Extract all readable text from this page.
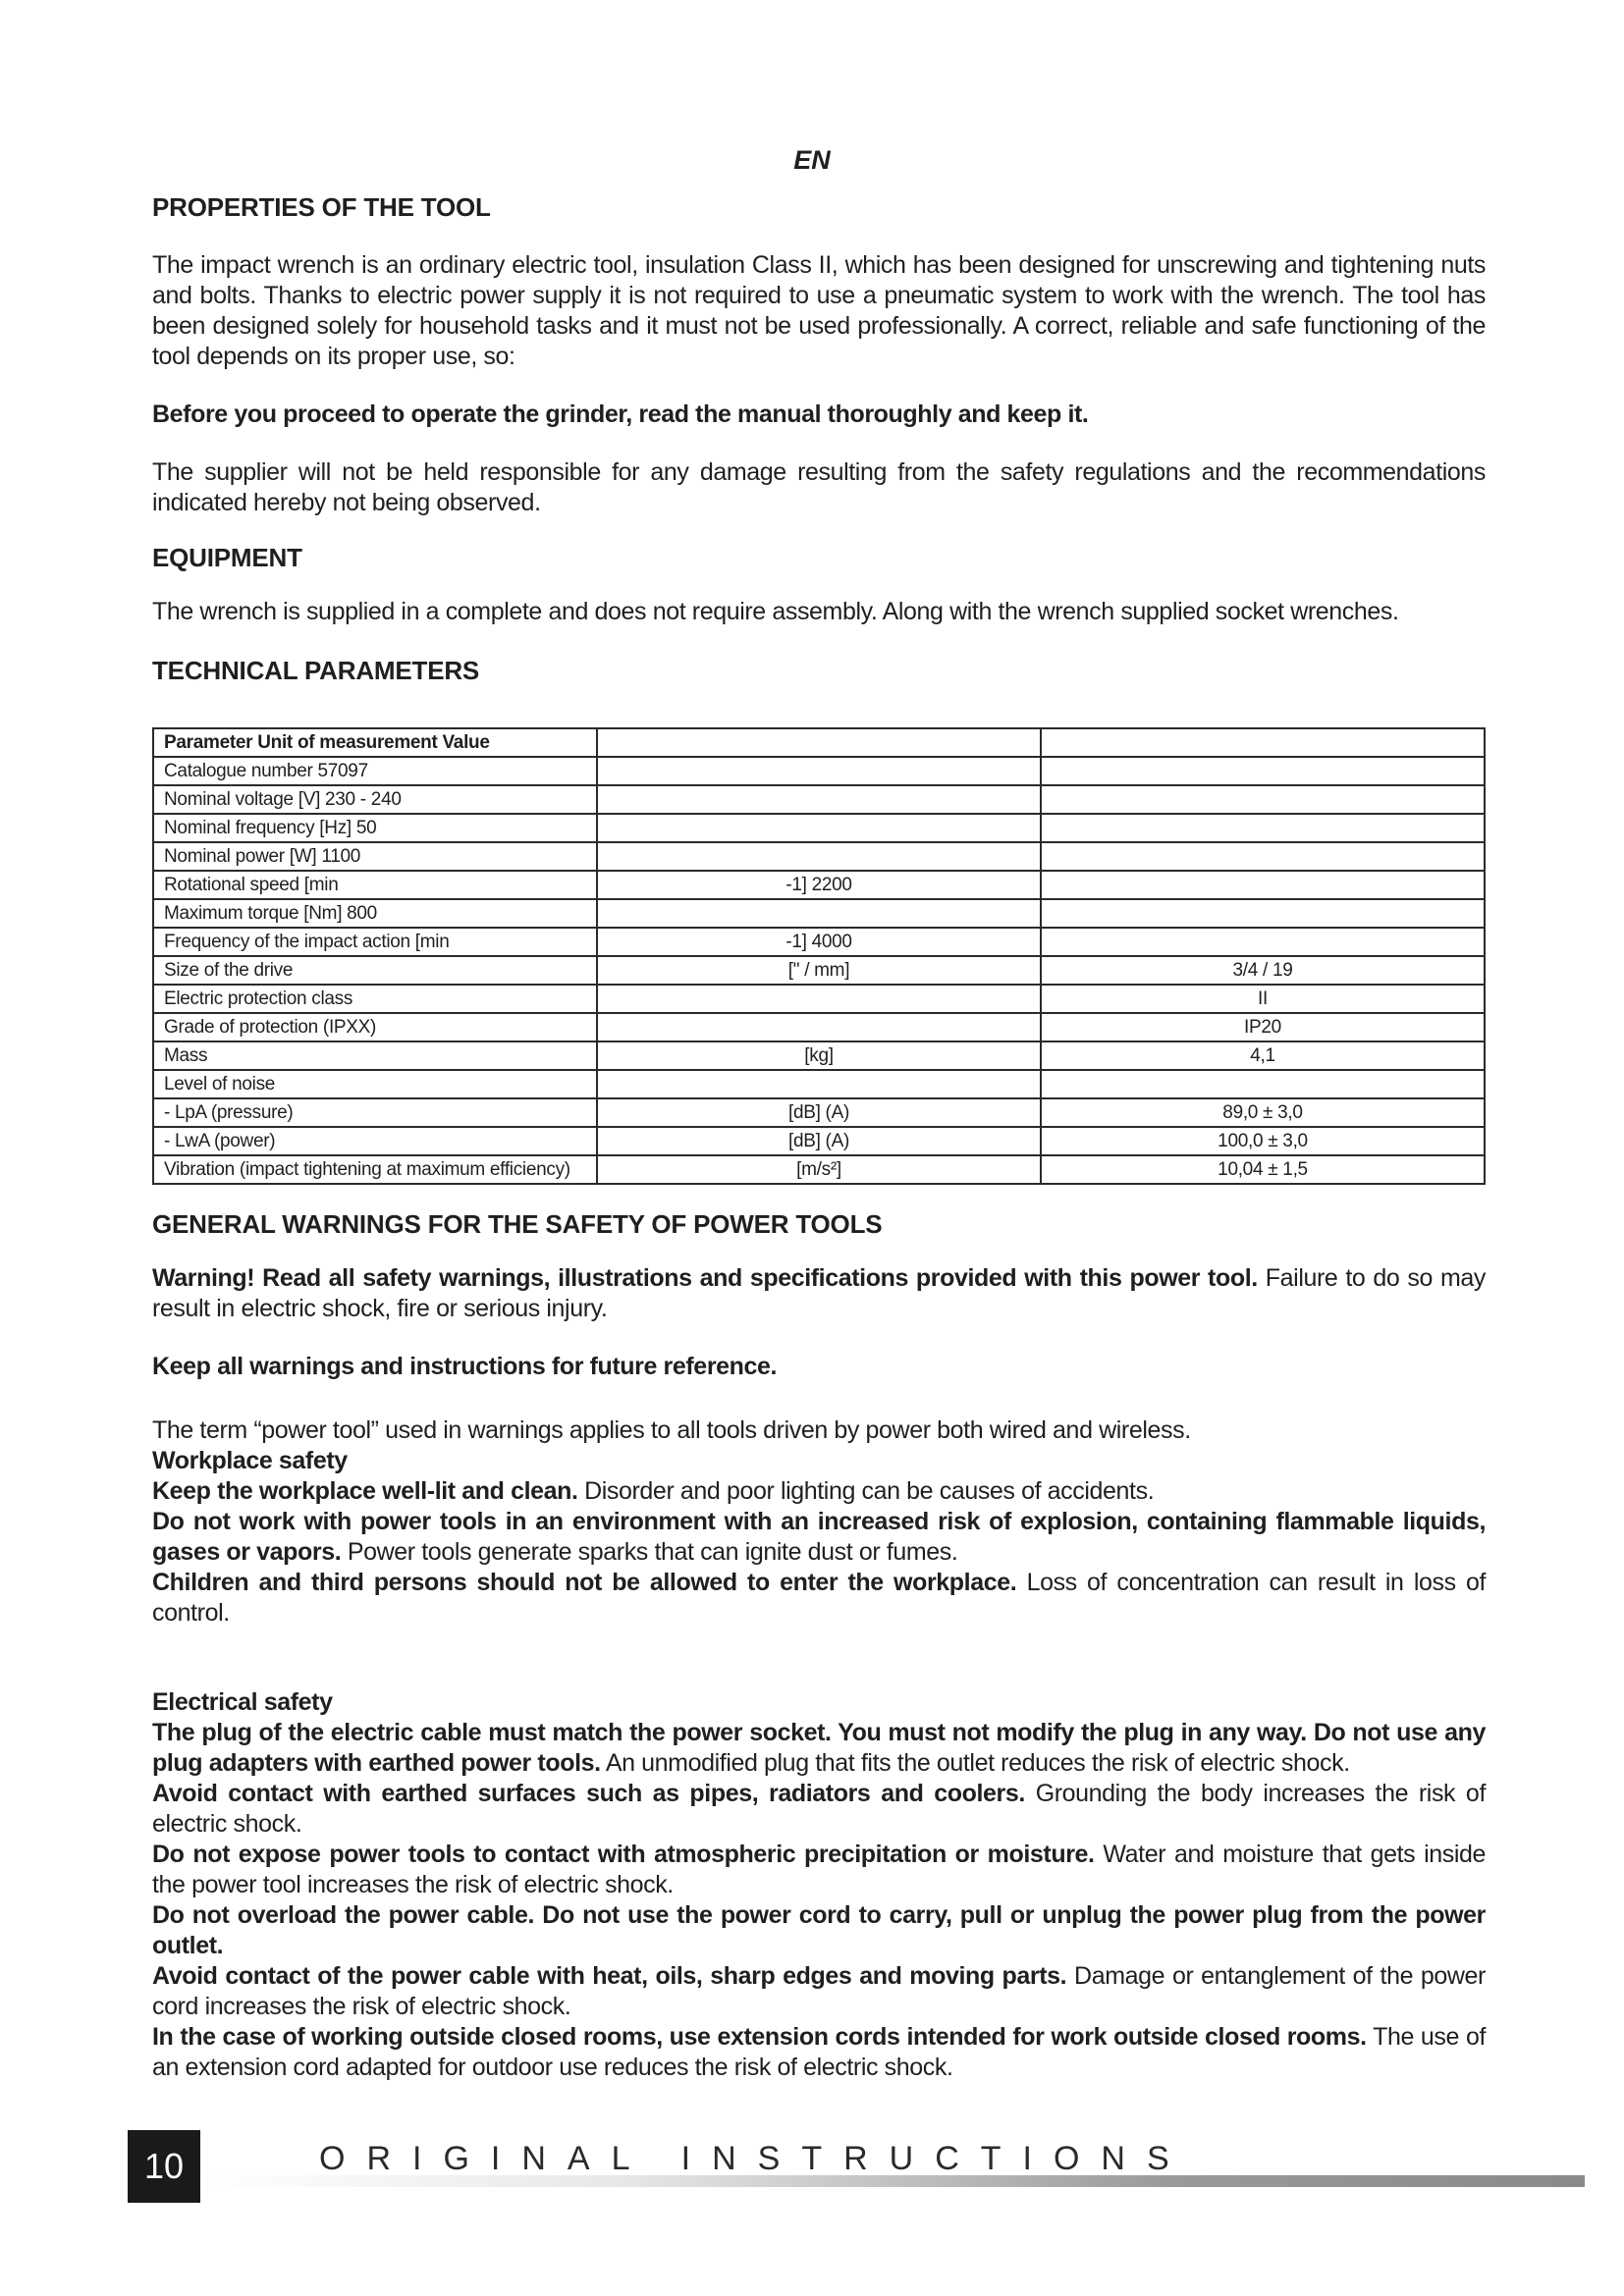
EN
PROPERTIES OF THE TOOL

The impact wrench is an ordinary electric tool, insulation Class II, which has been designed for unscrewing and tightening nuts and bolts. Thanks to electric power supply it is not required to use a pneumatic system to work with the wrench. The tool has been designed solely for household tasks and it must not be used professionally. A correct, reliable and safe functioning of the tool depends on its proper use, so:

Before you proceed to operate the grinder, read the manual thoroughly and keep it.

The supplier will not be held responsible for any damage resulting from the safety regulations and the recommendations indicated hereby not being observed.

EQUIPMENT

The wrench is supplied in a complete and does not require assembly. Along with the wrench supplied socket wrenches.

TECHNICAL PARAMETERS
Parameter Unit of measurement Value		
Catalogue number 57097		
Nominal voltage [V] 230 - 240		
Nominal frequency [Hz] 50		
Nominal power [W] 1100		
Rotational speed [min	-1] 2200	
Maximum torque [Nm] 800		
Frequency of the impact action [min	-1] 4000	
Size of the drive	[" / mm]	3/4 / 19
Electric protection class		II
Grade of protection (IPXX)		IP20
Mass	[kg]	4,1
Level of noise		
- LpA (pressure)	[dB] (A)	89,0 ± 3,0
- LwA (power)	[dB] (A)	100,0 ± 3,0
Vibration (impact tightening at maximum efficiency)	[m/s²]	10,04 ± 1,5
GENERAL WARNINGS FOR THE SAFETY OF POWER TOOLS

Warning! Read all safety warnings, illustrations and specifications provided with this power tool. Failure to do so may result in electric shock, fire or serious injury.

Keep all warnings and instructions for future reference.

The term “power tool” used in warnings applies to all tools driven by power both wired and wireless.

Workplace safety

Keep the workplace well-lit and clean. Disorder and poor lighting can be causes of accidents.

Do not work with power tools in an environment with an increased risk of explosion, containing flammable liquids, gases or vapors. Power tools generate sparks that can ignite dust or fumes.

Children and third persons should not be allowed to enter the workplace. Loss of concentration can result in loss of control.

Electrical safety

The plug of the electric cable must match the power socket. You must not modify the plug in any way. Do not use any plug adapters with earthed power tools. An unmodified plug that fits the outlet reduces the risk of electric shock.

Avoid contact with earthed surfaces such as pipes, radiators and coolers. Grounding the body increases the risk of electric shock.

Do not expose power tools to contact with atmospheric precipitation or moisture. Water and moisture that gets inside the power tool increases the risk of electric shock.

Do not overload the power cable. Do not use the power cord to carry, pull or unplug the power plug from the power outlet.

Avoid contact of the power cable with heat, oils, sharp edges and moving parts. Damage or entanglement of the power cord increases the risk of electric shock.

In the case of working outside closed rooms, use extension cords intended for work outside closed rooms. The use of an extension cord adapted for outdoor use reduces the risk of electric shock.

10	ORIGINAL INSTRUCTIONS
